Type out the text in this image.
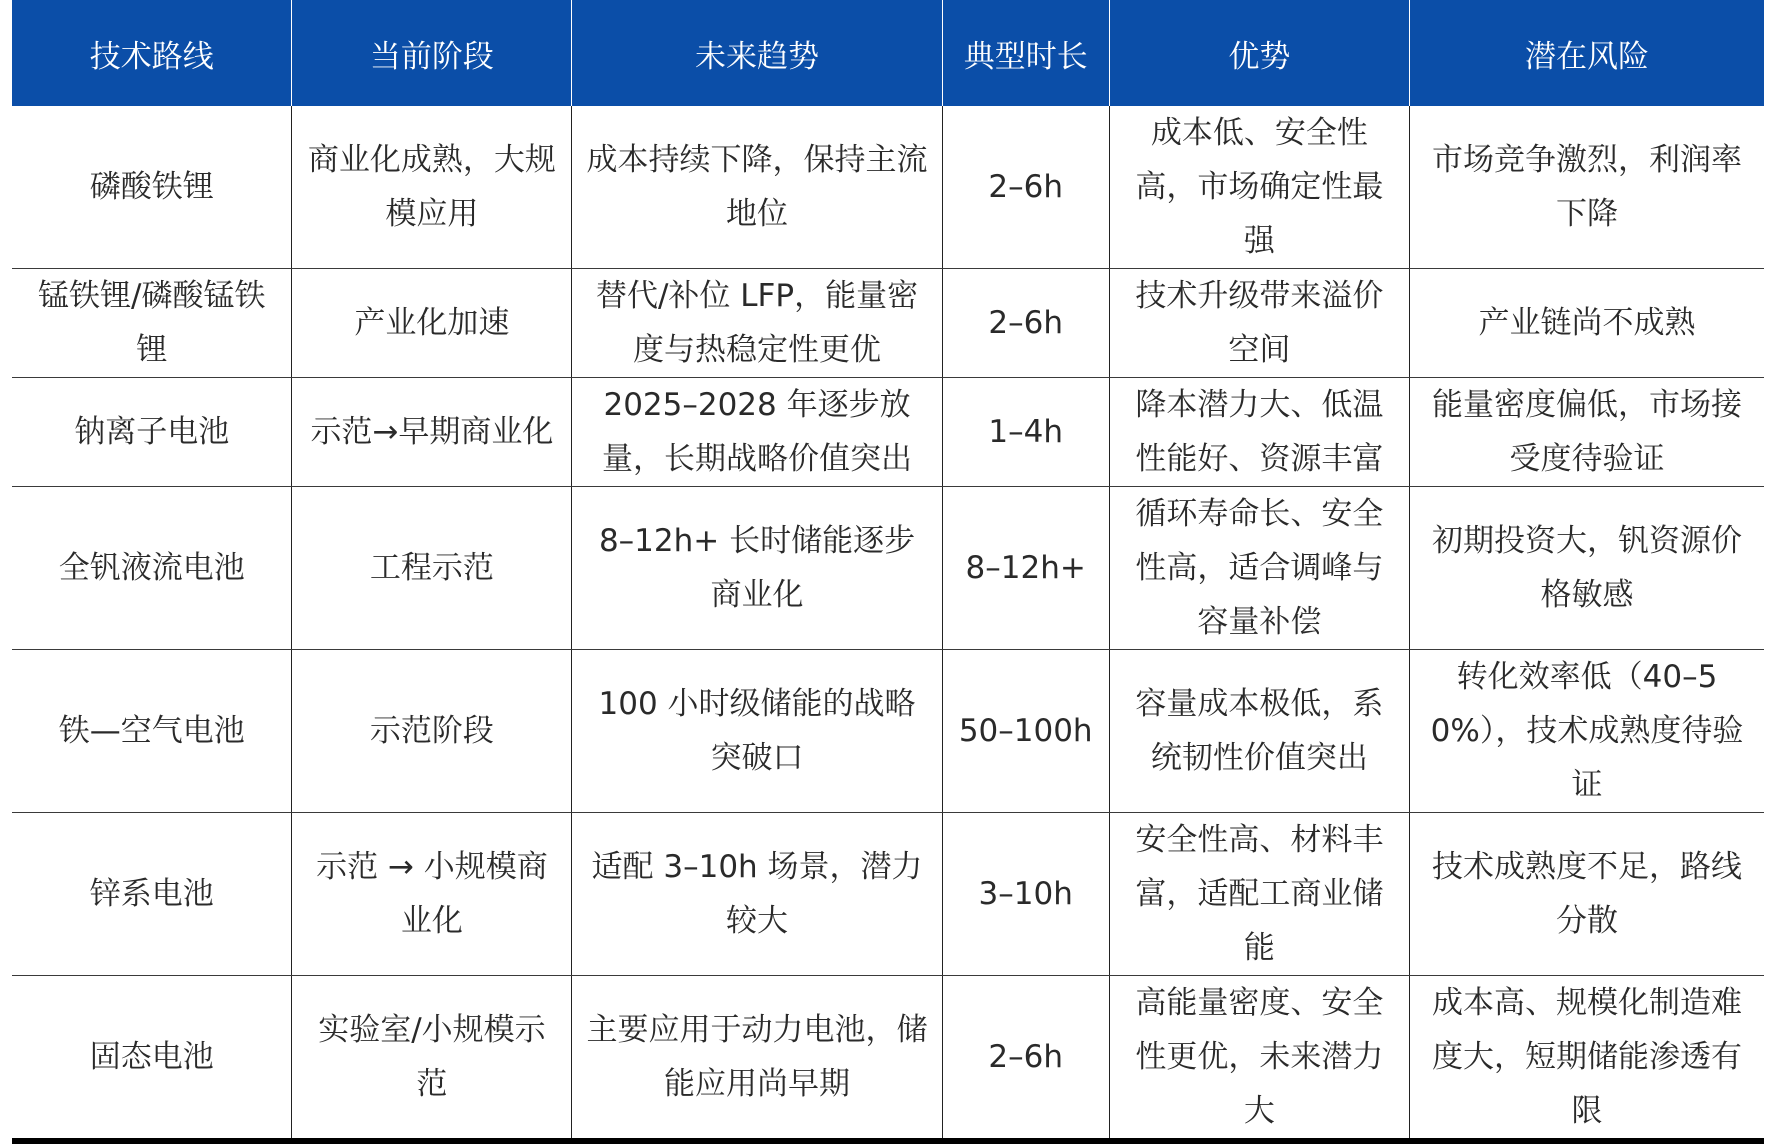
技术路线	当前阶段	未来趋势	典型时长	优势	潜在风险
磷酸铁锂	商业化成熟，大规模应用	成本持续下降，保持主流地位	2–6h	成本低、安全性高，市场确定性最强	市场竞争激烈，利润率下降
锰铁锂/磷酸锰铁锂	产业化加速	替代/补位 LFP，能量密度与热稳定性更优	2–6h	技术升级带来溢价空间	产业链尚不成熟
钠离子电池	示范→早期商业化	2025–2028 年逐步放量，长期战略价值突出	1–4h	降本潜力大、低温性能好、资源丰富	能量密度偏低，市场接受度待验证
全钒液流电池	工程示范	8–12h+ 长时储能逐步商业化	8–12h+	循环寿命长、安全性高，适合调峰与容量补偿	初期投资大，钒资源价格敏感
铁—空气电池	示范阶段	100 小时级储能的战略突破口	50–100h	容量成本极低，系统韧性价值突出	转化效率低（40–50%），技术成熟度待验证
锌系电池	示范 → 小规模商业化	适配 3–10h 场景，潜力较大	3–10h	安全性高、材料丰富，适配工商业储能	技术成熟度不足，路线分散
固态电池	实验室/小规模示范	主要应用于动力电池，储能应用尚早期	2–6h	高能量密度、安全性更优，未来潜力大	成本高、规模化制造难度大，短期储能渗透有限
